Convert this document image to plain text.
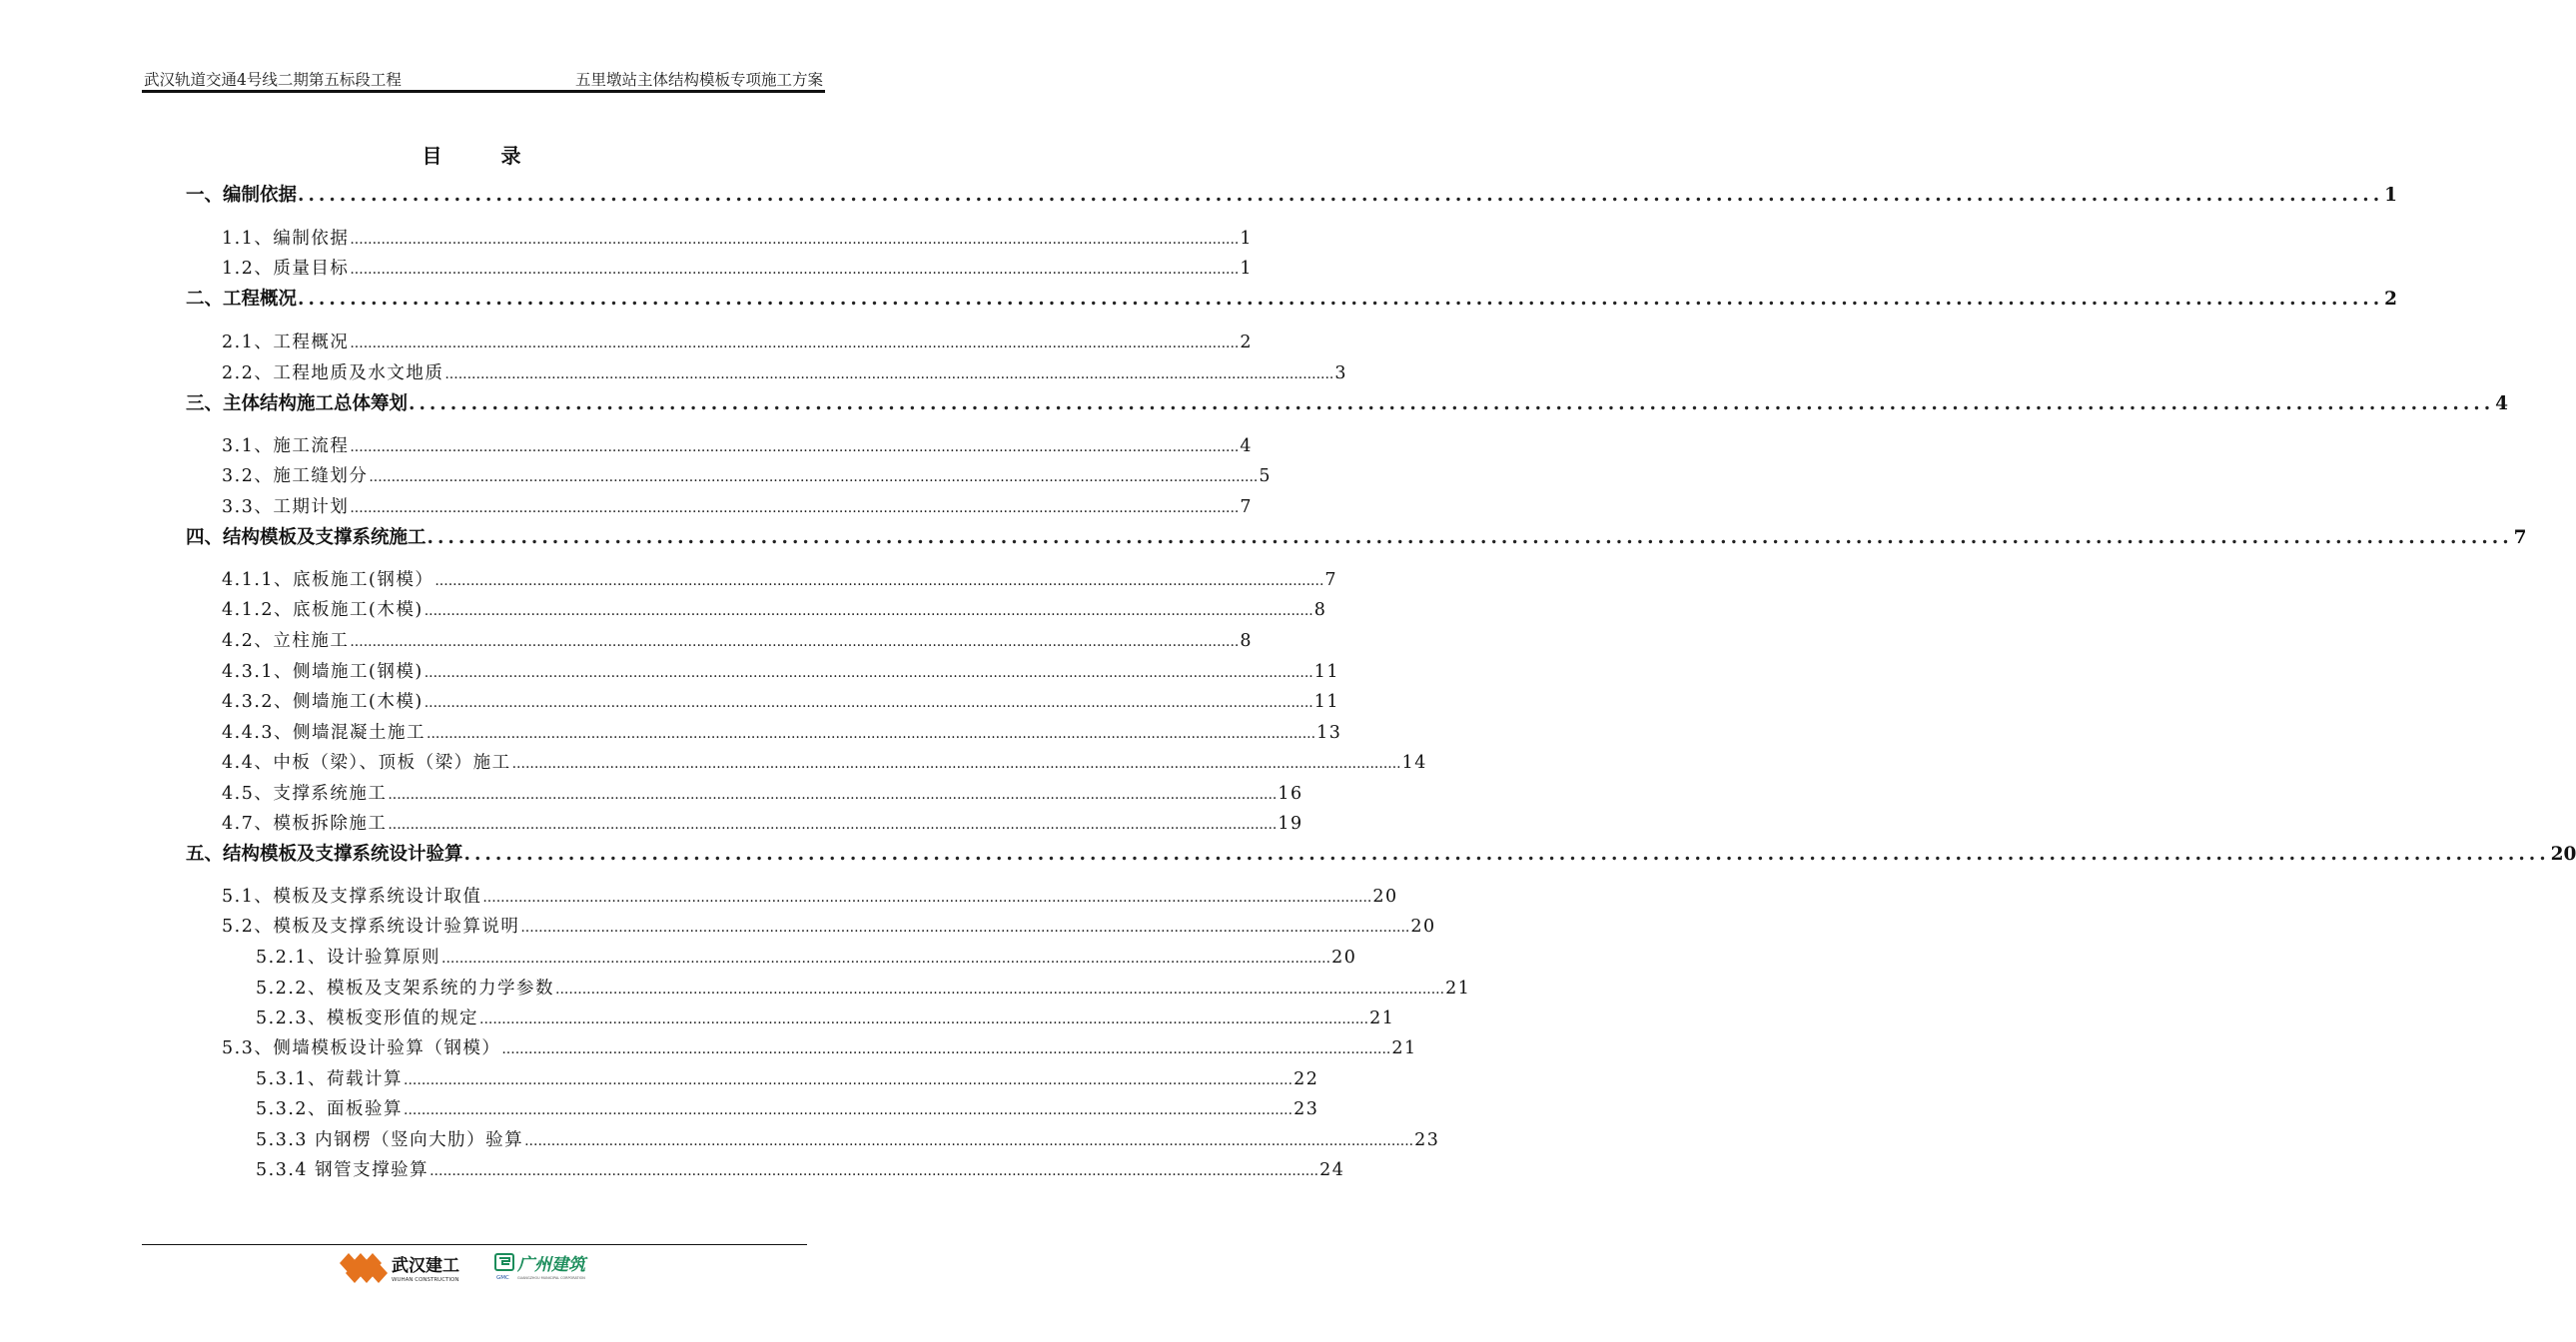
武汉轨道交通4号线二期第五标段工程	五里墩站主体结构模板专项施工方案
目 录
一、编制依据 ........................................................................................................................................................................................................ 1
1.1、编制依据 ........................................................................................................................................................................................................ 1
1.2、质量目标 ........................................................................................................................................................................................................ 1
二、工程概况 ........................................................................................................................................................................................................ 2
2.1、工程概况 ........................................................................................................................................................................................................ 2
2.2、工程地质及水文地质 ........................................................................................................................................................................................................ 3
三、主体结构施工总体筹划 ........................................................................................................................................................................................................ 4
3.1、施工流程 ........................................................................................................................................................................................................ 4
3.2、施工缝划分 ........................................................................................................................................................................................................ 5
3.3、工期计划 ........................................................................................................................................................................................................ 7
四、结构模板及支撑系统施工 ........................................................................................................................................................................................................ 7
4.1.1、底板施工(钢模） ........................................................................................................................................................................................................ 7
4.1.2、底板施工(木模) ........................................................................................................................................................................................................ 8
4.2、立柱施工 ........................................................................................................................................................................................................ 8
4.3.1、侧墙施工(钢模) ........................................................................................................................................................................................................ 11
4.3.2、侧墙施工(木模) ........................................................................................................................................................................................................ 11
4.4.3、侧墙混凝土施工 ........................................................................................................................................................................................................ 13
4.4、中板（梁）、顶板（梁）施工 ........................................................................................................................................................................................................ 14
4.5、支撑系统施工 ........................................................................................................................................................................................................ 16
4.7、模板拆除施工 ........................................................................................................................................................................................................ 19
五、结构模板及支撑系统设计验算 ........................................................................................................................................................................................................ 20
5.1、模板及支撑系统设计取值 ........................................................................................................................................................................................................ 20
5.2、模板及支撑系统设计验算说明 ........................................................................................................................................................................................................ 20
5.2.1、设计验算原则 ........................................................................................................................................................................................................ 20
5.2.2、模板及支架系统的力学参数 ........................................................................................................................................................................................................ 21
5.2.3、模板变形值的规定 ........................................................................................................................................................................................................ 21
5.3、侧墙模板设计验算（钢模） ........................................................................................................................................................................................................ 21
5.3.1、荷载计算 ........................................................................................................................................................................................................ 22
5.3.2、面板验算 ........................................................................................................................................................................................................ 23
5.3.3 内钢楞（竖向大肋）验算 ........................................................................................................................................................................................................ 23
5.3.4 钢管支撑验算 ........................................................................................................................................................................................................ 24
武汉建工
WUHAN CONSTRUCTION	GMC
广州建筑
GUANGZHOU MUNICIPAL CORPORATION
